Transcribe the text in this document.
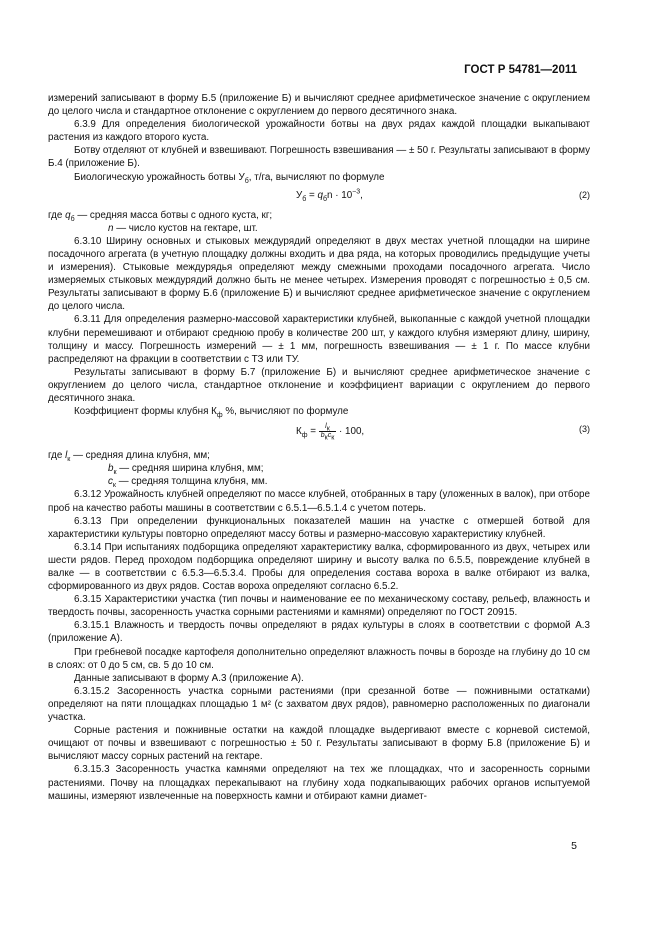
ГОСТ Р 54781—2011

измерений записывают в форму Б.5 (приложение Б) и вычисляют среднее арифметическое значение с округлением до целого числа и стандартное отклонение с округлением до первого десятичного знака.

6.3.9 Для определения биологической урожайности ботвы на двух рядах каждой площадки выкапывают растения из каждого второго куста.

Ботву отделяют от клубней и взвешивают. Погрешность взвешивания — ± 50 г. Результаты записывают в форму Б.4 (приложение Б).

Биологическую урожайность ботвы $У_б$, т/га, вычисляют по формуле

$У_б = q_бn \cdot 10^{-3}$,	(2)

где $q_б$ — средняя масса ботвы с одного куста, кг;

n — число кустов на гектаре, шт.

6.3.10 Ширину основных и стыковых междурядий определяют в двух местах учетной площадки на ширине посадочного агрегата (в учетную площадку должны входить и два ряда, на которых проводились предыдущие учеты и измерения). Стыковые междурядья определяют между смежными проходами посадочного агрегата. Число измеряемых стыковых междурядий должно быть не менее четырех. Измерения проводят с погрешностью ± 0,5 см. Результаты записывают в форму Б.6 (приложение Б) и вычисляют среднее арифметическое значение с округлением до целого числа.

6.3.11 Для определения размерно-массовой характеристики клубней, выкопанные с каждой учетной площадки клубни перемешивают и отбирают среднюю пробу в количестве 200 шт, у каждого клубня измеряют длину, ширину, толщину и массу. Погрешность измерений — ± 1 мм, погрешность взвешивания — ± 1 г. По массе клубни распределяют на фракции в соответствии с ТЗ или ТУ.

Результаты записывают в форму Б.7 (приложение Б) и вычисляют среднее арифметическое значение с округлением до целого числа, стандартное отклонение и коэффициент вариации с округлением до первого десятичного знака.

Коэффициент формы клубня $К_ф$ %, вычисляют по формуле

$К_ф = \frac{l_к}{b_кc_к} \cdot 100$,	(3)

где $l_к$ — средняя длина клубня, мм;

$b_к$ — средняя ширина клубня, мм;

$c_к$ — средняя толщина клубня, мм.

6.3.12 Урожайность клубней определяют по массе клубней, отобранных в тару (уложенных в валок), при отборе проб на качество работы машины в соответствии с 6.5.1—6.5.1.4 с учетом потерь.

6.3.13 При определении функциональных показателей машин на участке с отмершей ботвой для характеристики культуры повторно определяют массу ботвы и размерно-массовую характеристику клубней.

6.3.14 При испытаниях подборщика определяют характеристику валка, сформированного из двух, четырех или шести рядов. Перед проходом подборщика определяют ширину и высоту валка по 6.5.5, повреждение клубней в валке — в соответствии с 6.5.3—6.5.3.4. Пробы для определения состава вороха в валке отбирают из валка, сформированного из двух рядов. Состав вороха определяют согласно 6.5.2.

6.3.15 Характеристики участка (тип почвы и наименование ее по механическому составу, рельеф, влажность и твердость почвы, засоренность участка сорными растениями и камнями) определяют по ГОСТ 20915.

6.3.15.1 Влажность и твердость почвы определяют в рядах культуры в слоях в соответствии с формой А.3 (приложение А).

При гребневой посадке картофеля дополнительно определяют влажность почвы в борозде на глубину до 10 см в слоях: от 0 до 5 см, св. 5 до 10 см.

Данные записывают в форму А.3 (приложение А).

6.3.15.2 Засоренность участка сорными растениями (при срезанной ботве — пожнивными остатками) определяют на пяти площадках площадью 1 м² (с захватом двух рядов), равномерно расположенных по диагонали участка.

Сорные растения и пожнивные остатки на каждой площадке выдергивают вместе с корневой системой, очищают от почвы и взвешивают с погрешностью ± 50 г. Результаты записывают в форму Б.8 (приложение Б) и вычисляют массу сорных растений на гектаре.

6.3.15.3 Засоренность участка камнями определяют на тех же площадках, что и засоренность сорными растениями. Почву на площадках перекапывают на глубину хода подкапывающих рабочих органов испытуемой машины, измеряют извлеченные на поверхность камни и отбирают камни диамет-

5
